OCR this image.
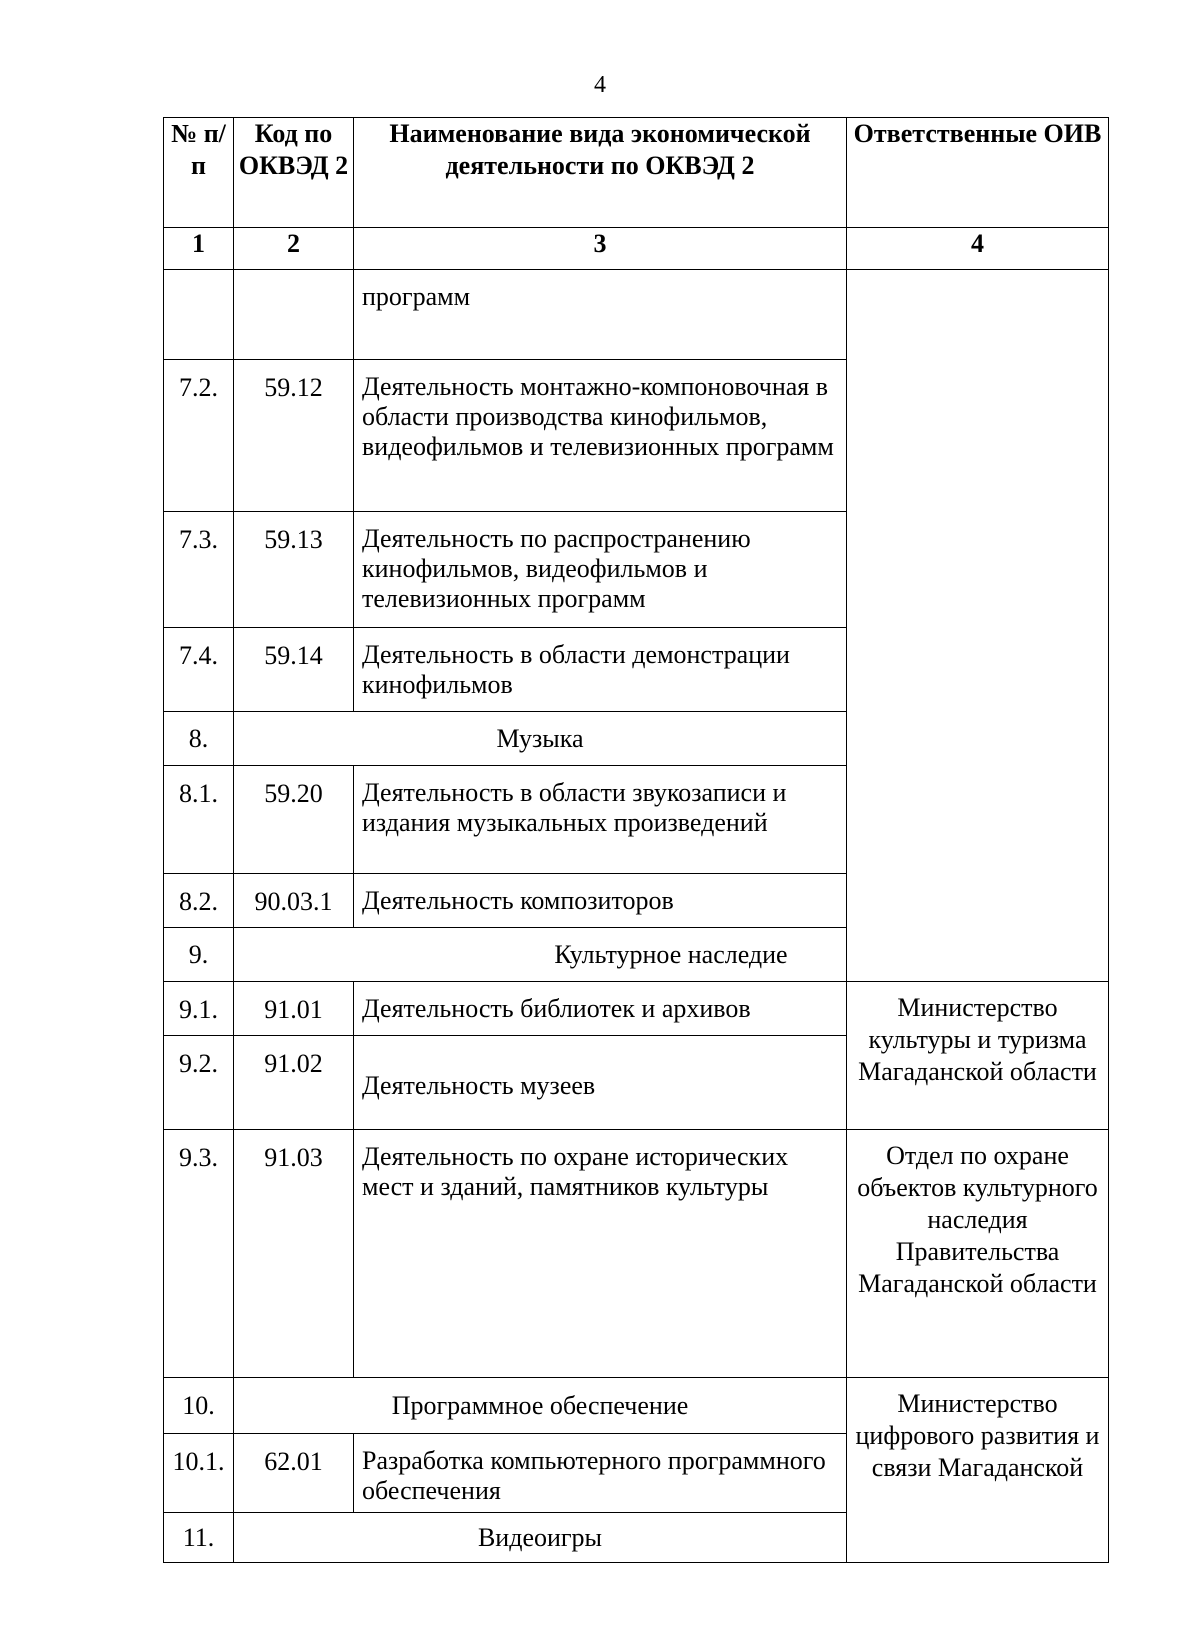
4
№ п/п	Код по ОКВЭД 2	Наименование вида экономической деятельности по ОКВЭД 2	Ответственные ОИВ
1	2	3	4
		программ	
7.2.	59.12	Деятельность монтажно-компоновочная в области производства кинофильмов, видеофильмов и телевизионных программ	
7.3.	59.13	Деятельность по распространению кинофильмов, видеофильмов и телевизионных программ	
7.4.	59.14	Деятельность в области демонстрации кинофильмов	
8.	Музыка		
8.1.	59.20	Деятельность в области звукозаписи и издания музыкальных произведений	
8.2.	90.03.1	Деятельность композиторов	
9.	Культурное наследие		
9.1.	91.01	Деятельность библиотек и архивов	Министерство культуры и туризма Магаданской области
9.2.	91.02	Деятельность музеев	
9.3.	91.03	Деятельность по охране исторических мест и зданий, памятников культуры	Отдел по охране объектов культурного наследия Правительства Магаданской области
10.	Программное обеспечение		Министерство цифрового развития и связи Магаданской
10.1.	62.01	Разработка компьютерного программного обеспечения	
11.	Видеоигры		
